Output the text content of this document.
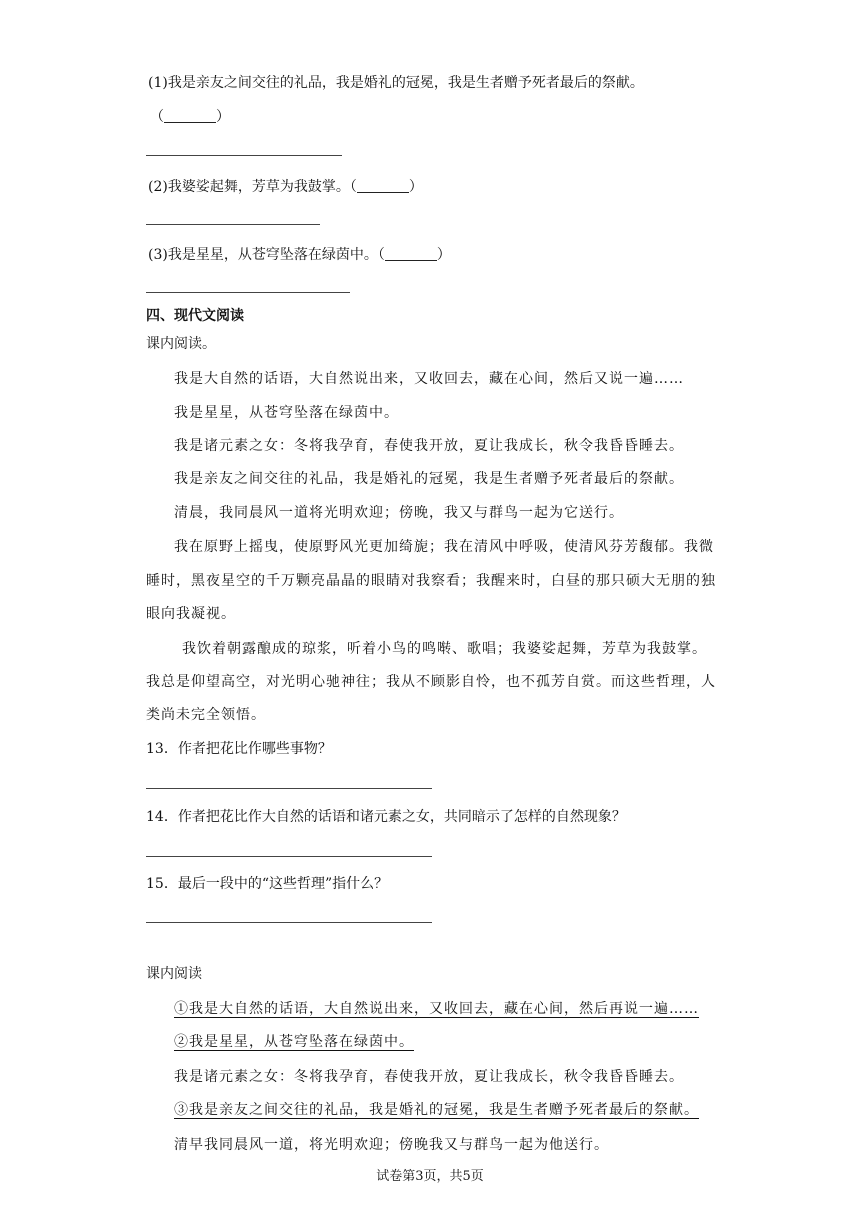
(1)我是亲友之间交往的礼品，我是婚礼的冠冕，我是生者赠予死者最后的祭献。
（	）
(2)我婆娑起舞，芳草为我鼓掌。（	）
(3)我是星星，从苍穹坠落在绿茵中。（	）
四、现代文阅读
课内阅读。
我是大自然的话语，大自然说出来，又收回去，藏在心间，然后又说一遍……
我是星星，从苍穹坠落在绿茵中。
我是诸元素之女：冬将我孕育，春使我开放，夏让我成长，秋令我昏昏睡去。
我是亲友之间交往的礼品，我是婚礼的冠冕，我是生者赠予死者最后的祭献。
清晨，我同晨风一道将光明欢迎；傍晚，我又与群鸟一起为它送行。
我在原野上摇曳，使原野风光更加绮旎；我在清风中呼吸，使清风芬芳馥郁。我微
睡时，黑夜星空的千万颗亮晶晶的眼睛对我察看；我醒来时，白昼的那只硕大无朋的独
眼向我凝视。
我饮着朝露酿成的琼浆，听着小鸟的鸣啭、歌唱；我婆娑起舞，芳草为我鼓掌。
我总是仰望高空，对光明心驰神往；我从不顾影自怜，也不孤芳自赏。而这些哲理，人
类尚未完全领悟。
13．作者把花比作哪些事物？
14．作者把花比作大自然的话语和诸元素之女，共同暗示了怎样的自然现象？
15．最后一段中的“这些哲理”指什么？
课内阅读
①我是大自然的话语，大自然说出来，又收回去，藏在心间，然后再说一遍……
②我是星星，从苍穹坠落在绿茵中。
我是诸元素之女：冬将我孕育，春使我开放，夏让我成长，秋令我昏昏睡去。
③我是亲友之间交往的礼品，我是婚礼的冠冕，我是生者赠予死者最后的祭献。
清早我同晨风一道，将光明欢迎；傍晚我又与群鸟一起为他送行。
试卷第3页，共5页
